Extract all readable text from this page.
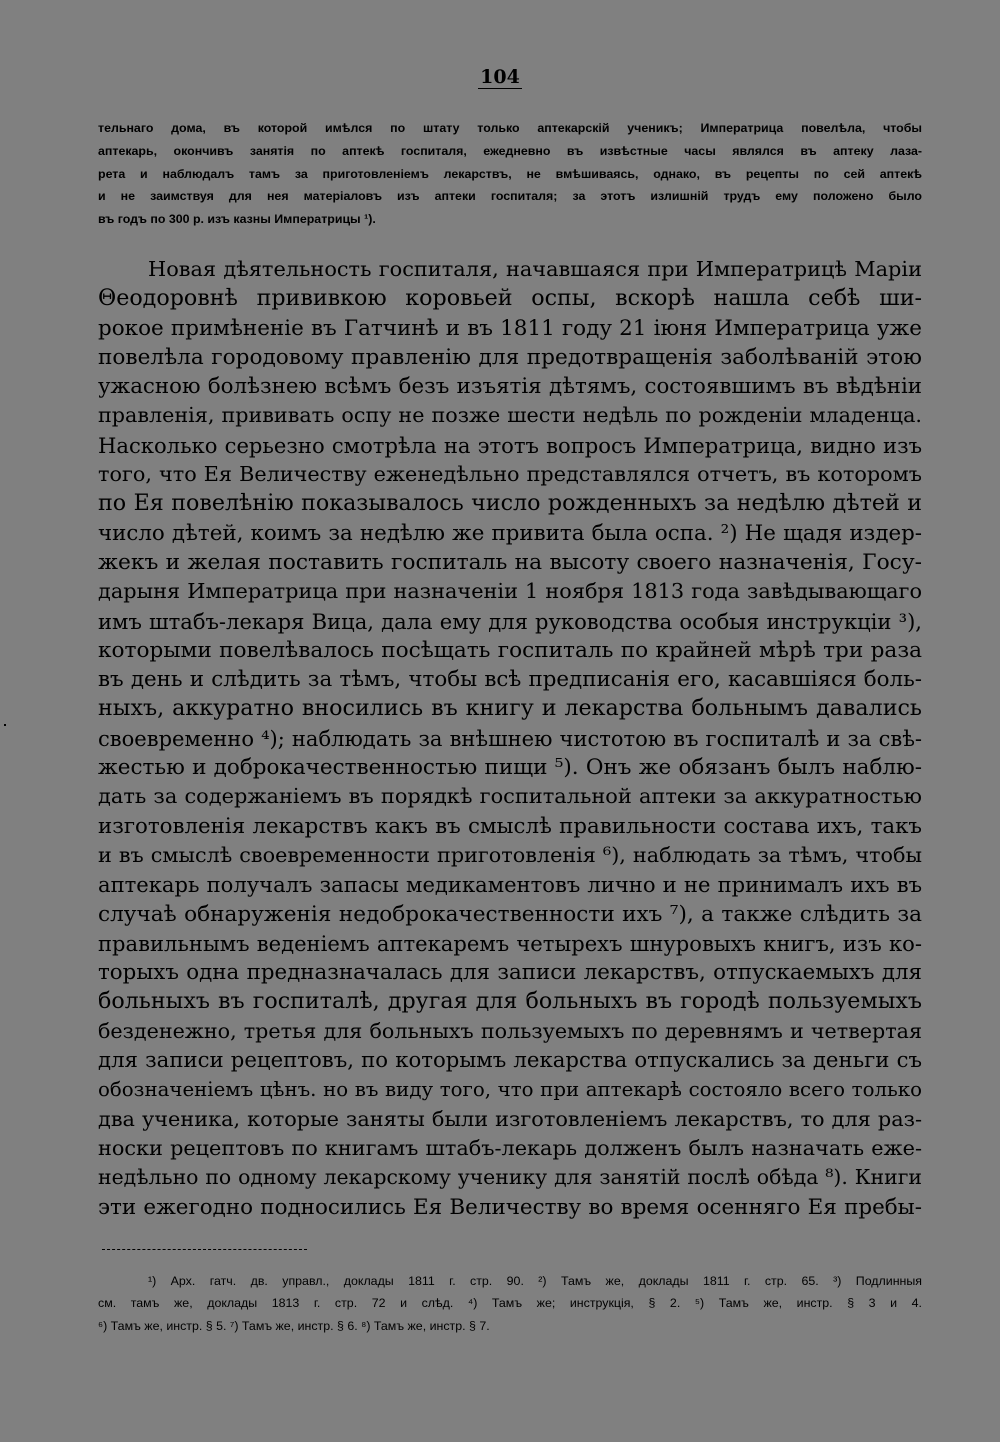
104
тельнаго дома, въ которой имѣлся по штату только аптекарскій ученикъ; Императрица повелѣла, чтобы
аптекарь, окончивъ занятія по аптекѣ госпиталя, ежедневно въ извѣстные часы являлся въ аптеку лаза-
рета и наблюдалъ тамъ за приготовленіемъ лекарствъ, не вмѣшиваясь, однако, въ рецепты по сей аптекѣ
и не заимствуя для нея матеріаловъ изъ аптеки госпиталя; за этотъ излишній трудъ ему положено было
въ годъ по 300 р. изъ казны Императрицы ¹).
Новая дѣятельность госпиталя, начавшаяся при Императрицѣ Маріи
Θеодоровнѣ прививкою коровьей оспы, вскорѣ нашла себѣ ши-
рокое примѣненіе въ Гатчинѣ и въ 1811 году 21 іюня Императрица уже
повелѣла городовому правленію для предотвращенія заболѣваній этою
ужасною болѣзнею всѣмъ безъ изъятія дѣтямъ, состоявшимъ въ вѣдѣніи
правленія, прививать оспу не позже шести недѣль по рожденіи младенца.
Насколько серьезно смотрѣла на этотъ вопросъ Императрица, видно изъ
того, что Ея Величеству еженедѣльно представлялся отчетъ, въ которомъ
по Ея повелѣнію показывалось число рожденныхъ за недѣлю дѣтей и
число дѣтей, коимъ за недѣлю же привита была оспа. ²) Не щадя издер-
жекъ и желая поставить госпиталь на высоту своего назначенія, Госу-
дарыня Императрица при назначеніи 1 ноября 1813 года завѣдывающаго
имъ штабъ-лекаря Вица, дала ему для руководства особыя инструкціи ³),
которыми повелѣвалось посѣщать госпиталь по крайней мѣрѣ три раза
въ день и слѣдить за тѣмъ, чтобы всѣ предписанія его, касавшіяся боль-
ныхъ, аккуратно вносились въ книгу и лекарства больнымъ давались
своевременно ⁴); наблюдать за внѣшнею чистотою въ госпиталѣ и за свѣ-
жестью и доброкачественностью пищи ⁵). Онъ же обязанъ былъ наблю-
дать за содержаніемъ въ порядкѣ госпитальной аптеки за аккуратностью
изготовленія лекарствъ какъ въ смыслѣ правильности состава ихъ, такъ
и въ смыслѣ своевременности приготовленія ⁶), наблюдать за тѣмъ, чтобы
аптекарь получалъ запасы медикаментовъ лично и не принималъ ихъ въ
случаѣ обнаруженія недоброкачественности ихъ ⁷), а также слѣдить за
правильнымъ веденіемъ аптекаремъ четырехъ шнуровыхъ книгъ, изъ ко-
торыхъ одна предназначалась для записи лекарствъ, отпускаемыхъ для
больныхъ въ госпиталѣ, другая для больныхъ въ городѣ пользуемыхъ
безденежно, третья для больныхъ пользуемыхъ по деревнямъ и четвертая
для записи рецептовъ, по которымъ лекарства отпускались за деньги съ
обозначеніемъ цѣнъ. но въ виду того, что при аптекарѣ состояло всего только
два ученика, которые заняты были изготовленіемъ лекарствъ, то для раз-
носки рецептовъ по книгамъ штабъ-лекарь долженъ былъ назначать еже-
недѣльно по одному лекарскому ученику для занятій послѣ обѣда ⁸). Книги
эти ежегодно подносились Ея Величеству во время осенняго Ея пребы-
¹) Арх. гатч. дв. управл., доклады 1811 г. стр. 90. ²) Тамъ же, доклады 1811 г. стр. 65. ³) Подлинныя
см. тамъ же, доклады 1813 г. стр. 72 и слѣд. ⁴) Тамъ же; инструкція, § 2. ⁵) Тамъ же, инстр. § 3 и 4.
⁶) Тамъ же, инстр. § 5. ⁷) Тамъ же, инстр. § 6. ⁸) Тамъ же, инстр. § 7.
